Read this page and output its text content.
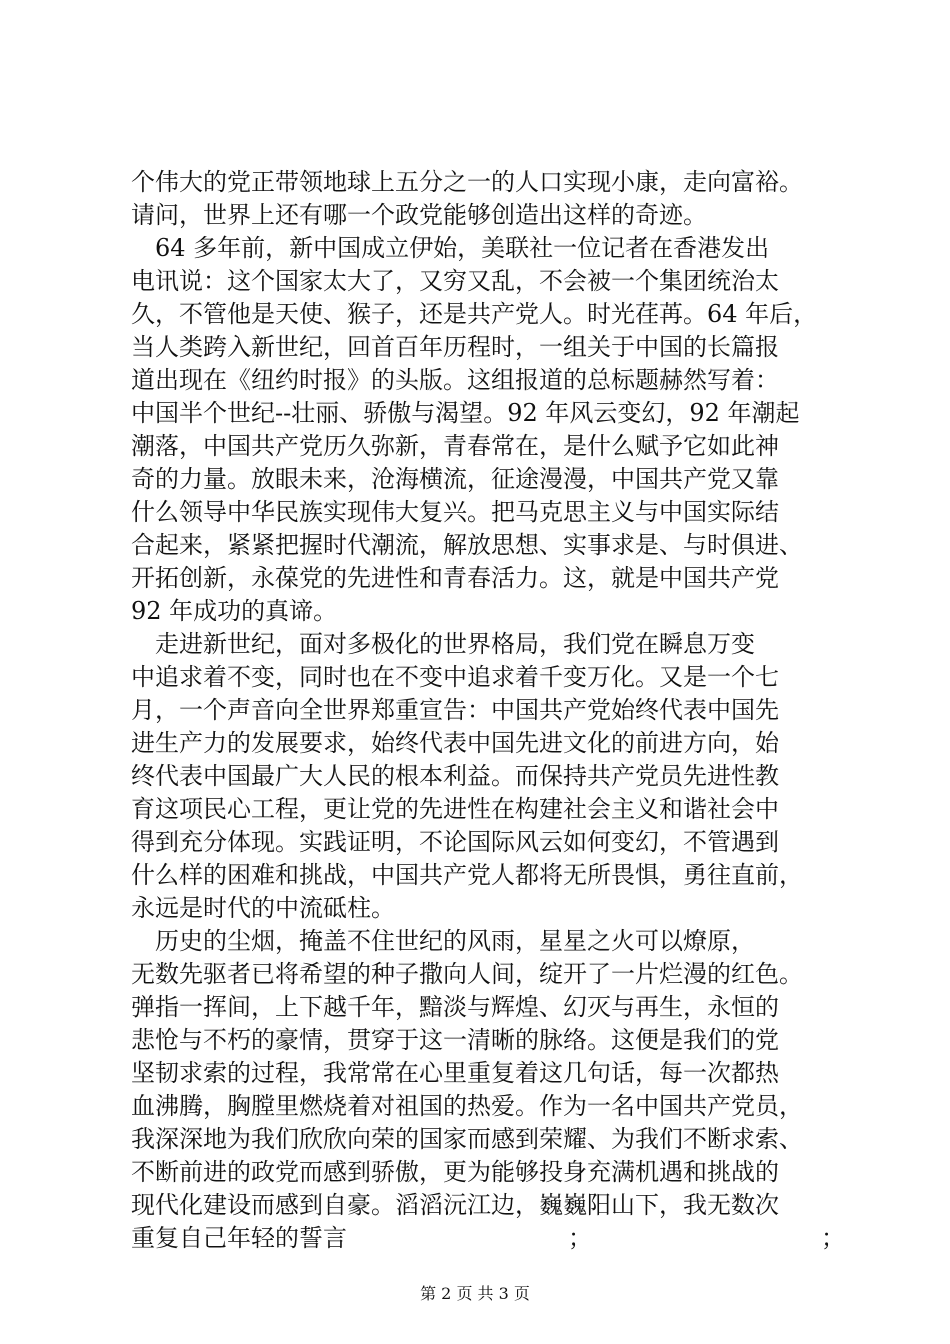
个伟大的党正带领地球上五分之一的人口实现小康，走向富裕。
请问，世界上还有哪一个政党能够创造出这样的奇迹。
　64 多年前，新中国成立伊始，美联社一位记者在香港发出
电讯说：这个国家太大了，又穷又乱，不会被一个集团统治太
久，不管他是天使、猴子，还是共产党人。时光荏苒。64 年后，
当人类跨入新世纪，回首百年历程时，一组关于中国的长篇报
道出现在《纽约时报》的头版。这组报道的总标题赫然写着：
中国半个世纪--壮丽、骄傲与渴望。92 年风云变幻，92 年潮起
潮落，中国共产党历久弥新，青春常在，是什么赋予它如此神
奇的力量。放眼未来，沧海横流，征途漫漫，中国共产党又靠
什么领导中华民族实现伟大复兴。把马克思主义与中国实际结
合起来，紧紧把握时代潮流，解放思想、实事求是、与时俱进、
开拓创新，永葆党的先进性和青春活力。这，就是中国共产党
92 年成功的真谛。
　走进新世纪，面对多极化的世界格局，我们党在瞬息万变
中追求着不变，同时也在不变中追求着千变万化。又是一个七
月，一个声音向全世界郑重宣告：中国共产党始终代表中国先
进生产力的发展要求，始终代表中国先进文化的前进方向，始
终代表中国最广大人民的根本利益。而保持共产党员先进性教
育这项民心工程，更让党的先进性在构建社会主义和谐社会中
得到充分体现。实践证明，不论国际风云如何变幻，不管遇到
什么样的困难和挑战，中国共产党人都将无所畏惧，勇往直前，
永远是时代的中流砥柱。
　历史的尘烟，掩盖不住世纪的风雨，星星之火可以燎原，
无数先驱者已将希望的种子撒向人间，绽开了一片烂漫的红色。
弹指一挥间，上下越千年，黯淡与辉煌、幻灭与再生，永恒的
悲怆与不朽的豪情，贯穿于这一清晰的脉络。这便是我们的党
坚韧求索的过程，我常常在心里重复着这几句话，每一次都热
血沸腾，胸膛里燃烧着对祖国的热爱。作为一名中国共产党员，
我深深地为我们欣欣向荣的国家而感到荣耀、为我们不断求索、
不断前进的政党而感到骄傲，更为能够投身充满机遇和挑战的
现代化建设而感到自豪。滔滔沅江边，巍巍阳山下，我无数次
重复自己年轻的誓言	；	；
第 2 页 共 3 页
